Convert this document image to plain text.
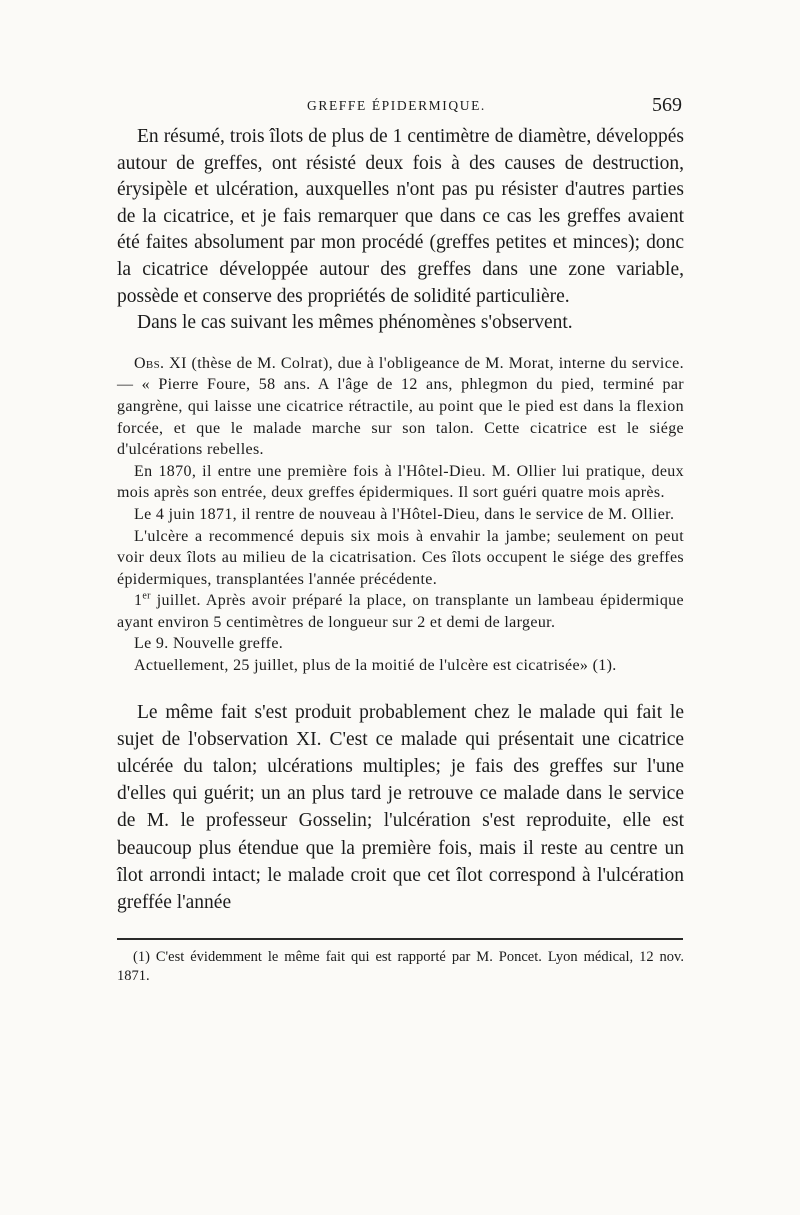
GREFFE ÉPIDERMIQUE.	569

En résumé, trois îlots de plus de 1 centimètre de diamètre, développés autour de greffes, ont résisté deux fois à des causes de destruction, érysipèle et ulcération, auxquelles n'ont pas pu résister d'autres parties de la cicatrice, et je fais remarquer que dans ce cas les greffes avaient été faites absolument par mon procédé (greffes petites et minces); donc la cicatrice développée autour des greffes dans une zone variable, possède et conserve des propriétés de solidité particulière.

Dans le cas suivant les mêmes phénomènes s'observent.

Obs. XI (thèse de M. Colrat), due à l'obligeance de M. Morat, interne du service. — « Pierre Foure, 58 ans. A l'âge de 12 ans, phlegmon du pied, terminé par gangrène, qui laisse une cicatrice rétractile, au point que le pied est dans la flexion forcée, et que le malade marche sur son talon. Cette cicatrice est le siége d'ulcérations rebelles.

En 1870, il entre une première fois à l'Hôtel-Dieu. M. Ollier lui pratique, deux mois après son entrée, deux greffes épidermiques. Il sort guéri quatre mois après.

Le 4 juin 1871, il rentre de nouveau à l'Hôtel-Dieu, dans le service de M. Ollier.

L'ulcère a recommencé depuis six mois à envahir la jambe; seulement on peut voir deux îlots au milieu de la cicatrisation. Ces îlots occupent le siége des greffes épidermiques, transplantées l'année précédente.

1er juillet. Après avoir préparé la place, on transplante un lambeau épidermique ayant environ 5 centimètres de longueur sur 2 et demi de largeur.

Le 9. Nouvelle greffe.

Actuellement, 25 juillet, plus de la moitié de l'ulcère est cicatrisée» (1).

Le même fait s'est produit probablement chez le malade qui fait le sujet de l'observation XI. C'est ce malade qui présentait une cicatrice ulcérée du talon; ulcérations multiples; je fais des greffes sur l'une d'elles qui guérit; un an plus tard je retrouve ce malade dans le service de M. le professeur Gosselin; l'ulcération s'est reproduite, elle est beaucoup plus étendue que la première fois, mais il reste au centre un îlot arrondi intact; le malade croit que cet îlot correspond à l'ulcération greffée l'année

(1) C'est évidemment le même fait qui est rapporté par M. Poncet. Lyon médical, 12 nov. 1871.
